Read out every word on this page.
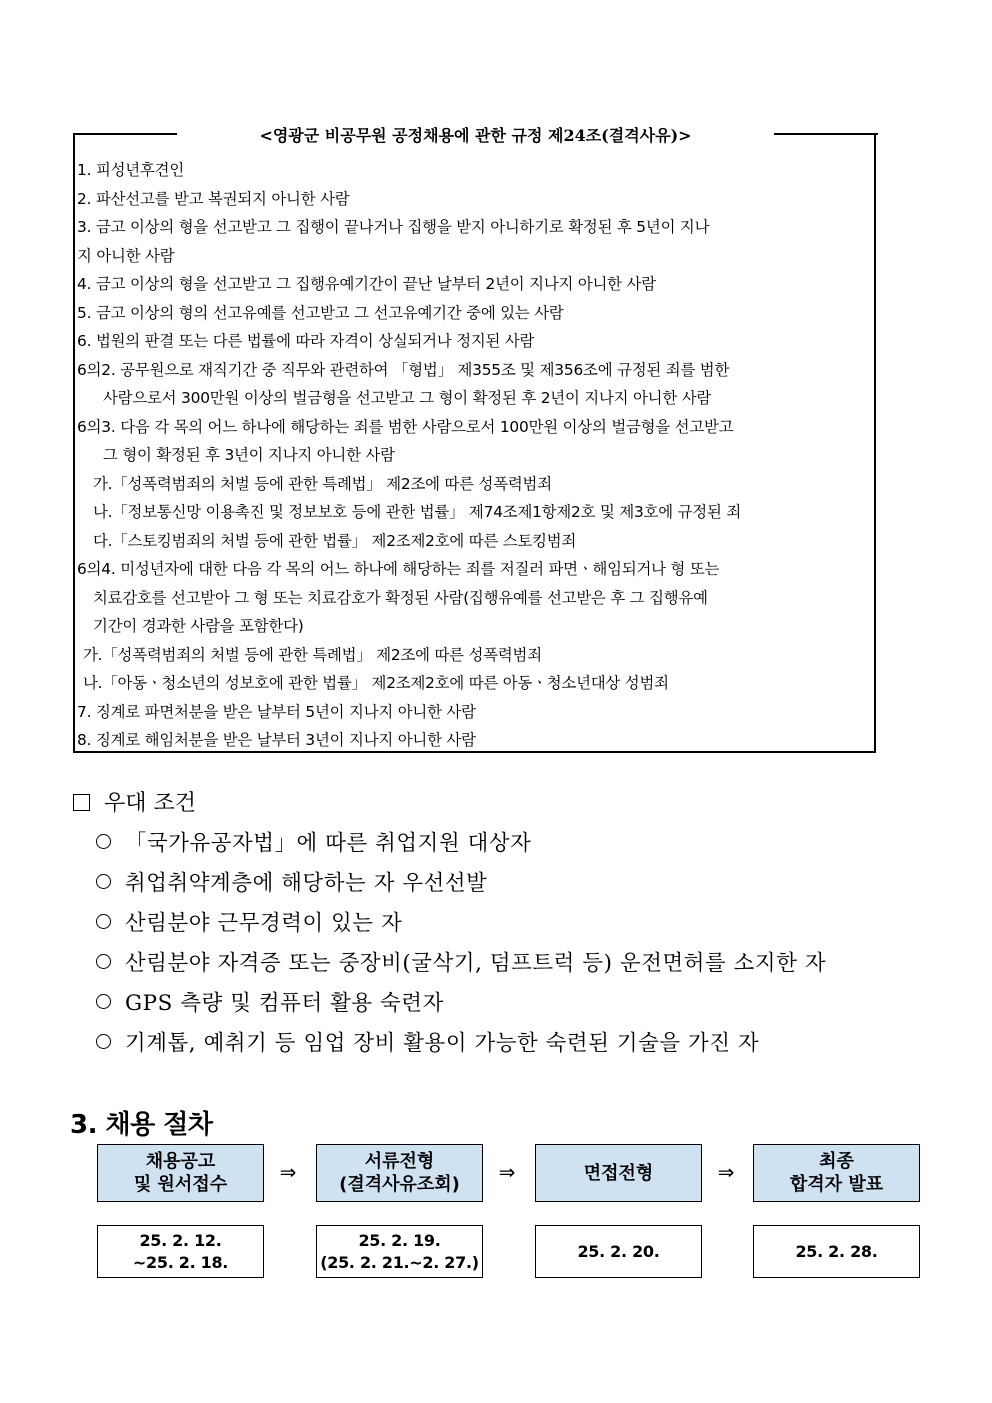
<영광군 비공무원 공정채용에 관한 규정 제24조(결격사유)>
1. 피성년후견인
2. 파산선고를 받고 복권되지 아니한 사람
3. 금고 이상의 형을 선고받고 그 집행이 끝나거나 집행을 받지 아니하기로 확정된 후 5년이 지나
지 아니한 사람
4. 금고 이상의 형을 선고받고 그 집행유예기간이 끝난 날부터 2년이 지나지 아니한 사람
5. 금고 이상의 형의 선고유예를 선고받고 그 선고유예기간 중에 있는 사람
6. 법원의 판결 또는 다른 법률에 따라 자격이 상실되거나 정지된 사람
6의2. 공무원으로 재직기간 중 직무와 관련하여 「형법」 제355조 및 제356조에 규정된 죄를 범한
사람으로서 300만원 이상의 벌금형을 선고받고 그 형이 확정된 후 2년이 지나지 아니한 사람
6의3. 다음 각 목의 어느 하나에 해당하는 죄를 범한 사람으로서 100만원 이상의 벌금형을 선고받고
그 형이 확정된 후 3년이 지나지 아니한 사람
가.「성폭력범죄의 처벌 등에 관한 특례법」 제2조에 따른 성폭력범죄
나.「정보통신망 이용촉진 및 정보보호 등에 관한 법률」 제74조제1항제2호 및 제3호에 규정된 죄
다.「스토킹범죄의 처벌 등에 관한 법률」 제2조제2호에 따른 스토킹범죄
6의4. 미성년자에 대한 다음 각 목의 어느 하나에 해당하는 죄를 저질러 파면ㆍ해임되거나 형 또는
치료감호를 선고받아 그 형 또는 치료감호가 확정된 사람(집행유예를 선고받은 후 그 집행유예
기간이 경과한 사람을 포함한다)
가.「성폭력범죄의 처벌 등에 관한 특례법」 제2조에 따른 성폭력범죄
나.「아동ㆍ청소년의 성보호에 관한 법률」 제2조제2호에 따른 아동ㆍ청소년대상 성범죄
7. 징계로 파면처분을 받은 날부터 5년이 지나지 아니한 사람
8. 징계로 해임처분을 받은 날부터 3년이 지나지 아니한 사람
우대 조건
「국가유공자법」에 따른 취업지원 대상자
취업취약계층에 해당하는 자 우선선발
산림분야 근무경력이 있는 자
산림분야 자격증 또는 중장비(굴삭기, 덤프트럭 등) 운전면허를 소지한 자
GPS 측량 및 컴퓨터 활용 숙련자
기계톱, 예취기 등 임업 장비 활용이 가능한 숙련된 기술을 가진 자
3. 채용 절차
채용공고
및 원서접수
⇒	서류전형
(결격사유조회)
⇒	면접전형	⇒	최종
합격자 발표
25. 2. 12.
~25. 2. 18.
25. 2. 19.
(25. 2. 21.~2. 27.)
25. 2. 20.	25. 2. 28.
